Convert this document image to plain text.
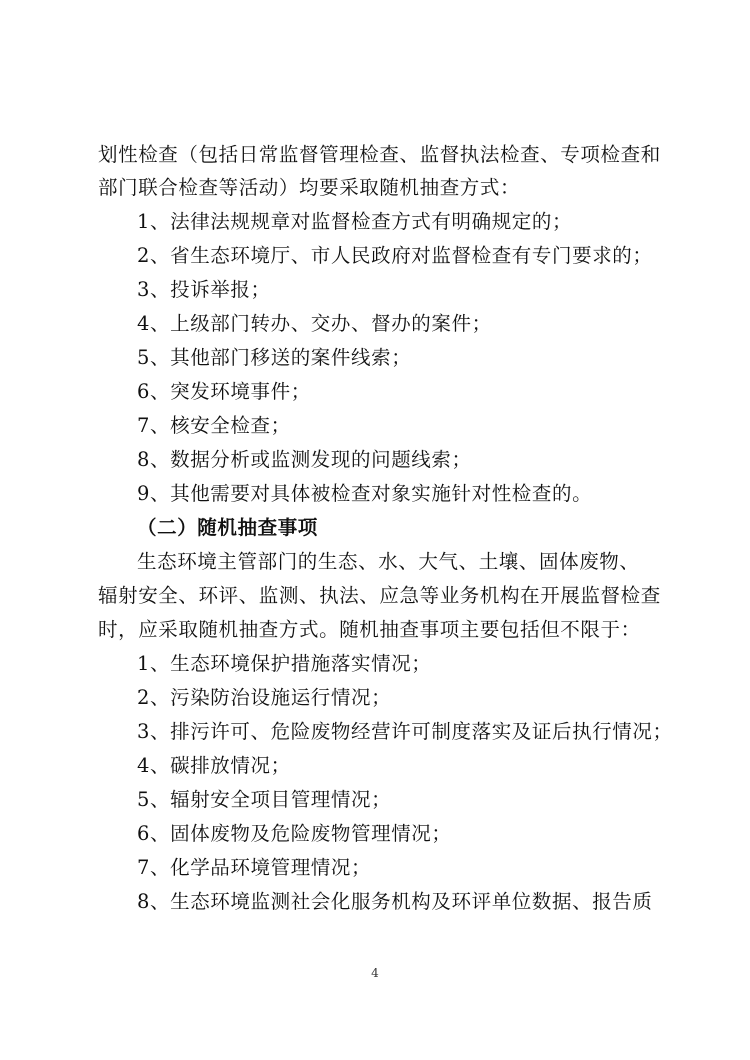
划性检查（包括日常监督管理检查、监督执法检查、专项检查和
部门联合检查等活动）均要采取随机抽查方式：
1、法律法规规章对监督检查方式有明确规定的；
2、省生态环境厅、市人民政府对监督检查有专门要求的；
3、投诉举报；
4、上级部门转办、交办、督办的案件；
5、其他部门移送的案件线索；
6、突发环境事件；
7、核安全检查；
8、数据分析或监测发现的问题线索；
9、其他需要对具体被检查对象实施针对性检查的。
（二）随机抽查事项
生态环境主管部门的生态、水、大气、土壤、固体废物、
辐射安全、环评、监测、执法、应急等业务机构在开展监督检查
时，应采取随机抽查方式。随机抽查事项主要包括但不限于：
1、生态环境保护措施落实情况；
2、污染防治设施运行情况；
3、排污许可、危险废物经营许可制度落实及证后执行情况；
4、碳排放情况；
5、辐射安全项目管理情况；
6、固体废物及危险废物管理情况；
7、化学品环境管理情况；
8、生态环境监测社会化服务机构及环评单位数据、报告质
4
